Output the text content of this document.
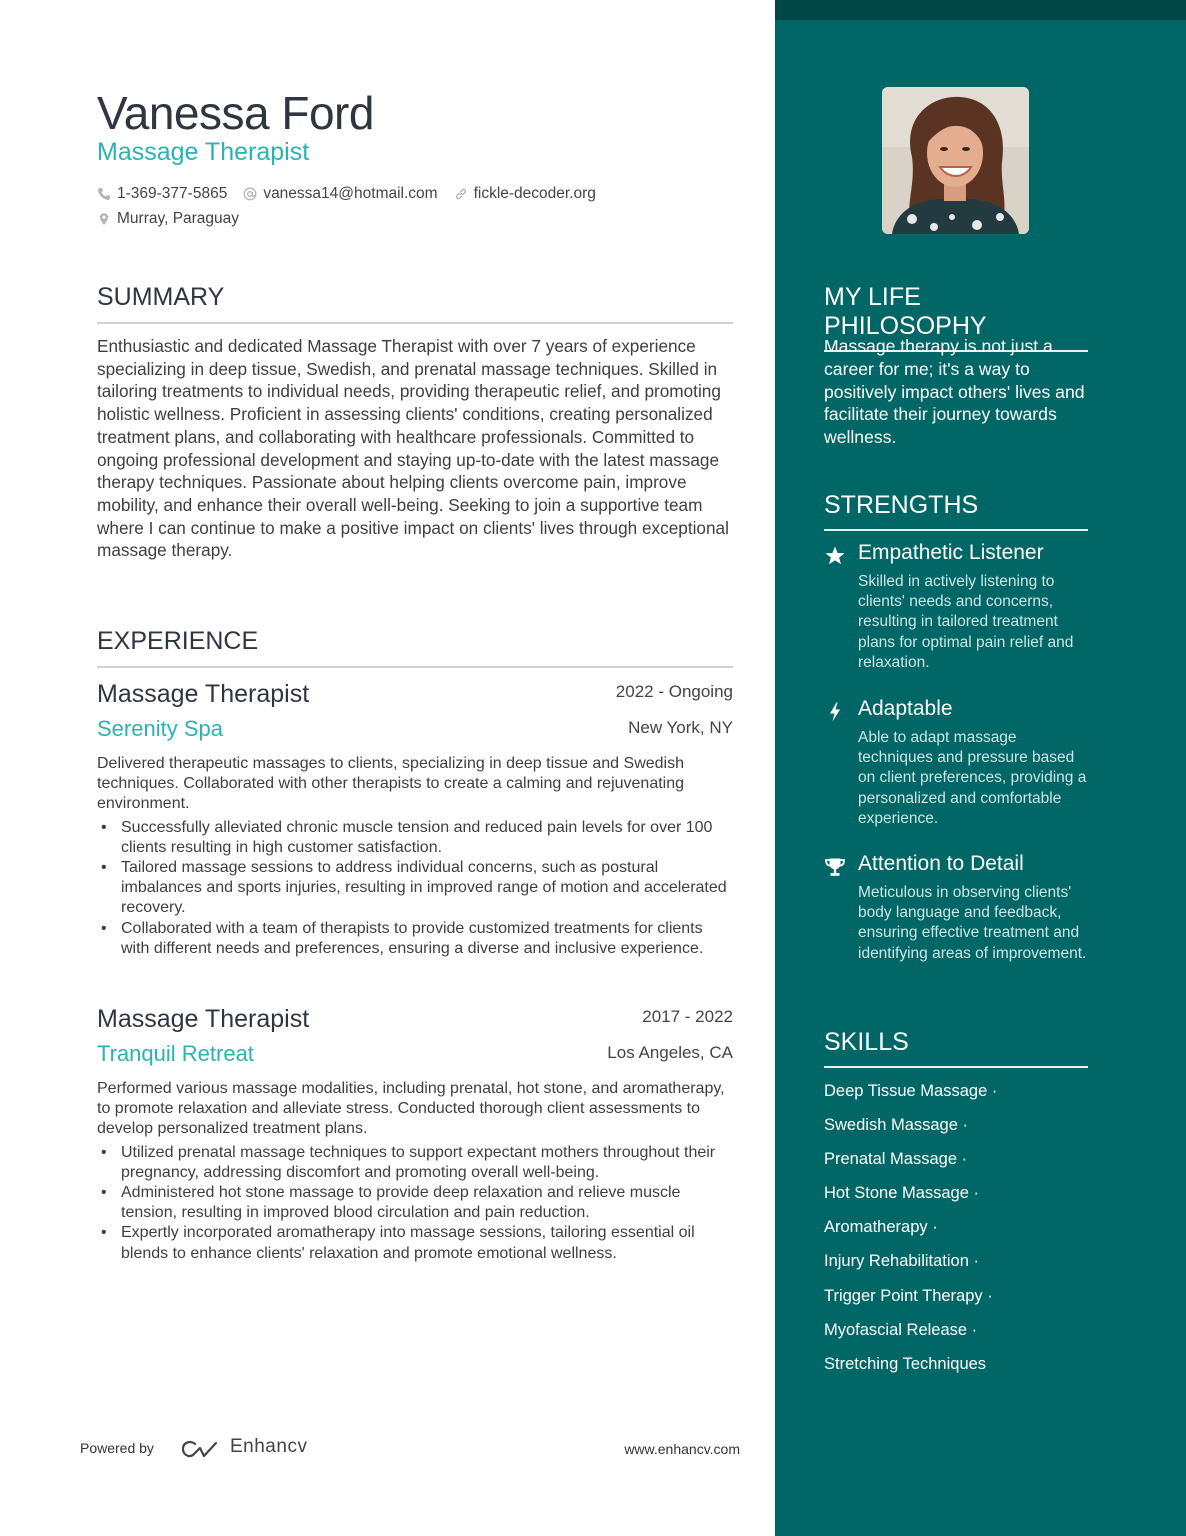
Vanessa Ford
Massage Therapist
1-369-377-5865 vanessa14@hotmail.com fickle-decoder.org
Murray, Paraguay
SUMMARY
Enthusiastic and dedicated Massage Therapist with over 7 years of experience specializing in deep tissue, Swedish, and prenatal massage techniques. Skilled in tailoring treatments to individual needs, providing therapeutic relief, and promoting holistic wellness. Proficient in assessing clients' conditions, creating personalized treatment plans, and collaborating with healthcare professionals. Committed to ongoing professional development and staying up-to-date with the latest massage therapy techniques. Passionate about helping clients overcome pain, improve mobility, and enhance their overall well-being. Seeking to join a supportive team where I can continue to make a positive impact on clients' lives through exceptional massage therapy.
EXPERIENCE
Massage Therapist	2022 - Ongoing
Serenity Spa	New York, NY
Delivered therapeutic massages to clients, specializing in deep tissue and Swedish techniques. Collaborated with other therapists to create a calming and rejuvenating environment.
• Successfully alleviated chronic muscle tension and reduced pain levels for over 100 clients resulting in high customer satisfaction.
• Tailored massage sessions to address individual concerns, such as postural imbalances and sports injuries, resulting in improved range of motion and accelerated recovery.
• Collaborated with a team of therapists to provide customized treatments for clients with different needs and preferences, ensuring a diverse and inclusive experience.
Massage Therapist	2017 - 2022
Tranquil Retreat	Los Angeles, CA
Performed various massage modalities, including prenatal, hot stone, and aromatherapy, to promote relaxation and alleviate stress. Conducted thorough client assessments to develop personalized treatment plans.
• Utilized prenatal massage techniques to support expectant mothers throughout their pregnancy, addressing discomfort and promoting overall well-being.
• Administered hot stone massage to provide deep relaxation and relieve muscle tension, resulting in improved blood circulation and pain reduction.
• Expertly incorporated aromatherapy into massage sessions, tailoring essential oil blends to enhance clients' relaxation and promote emotional wellness.
Powered by	Enhancv	www.enhancv.com
MY LIFE PHILOSOPHY
Massage therapy is not just a career for me; it's a way to positively impact others' lives and facilitate their journey towards wellness.
STRENGTHS
Empathetic Listener
Skilled in actively listening to clients' needs and concerns, resulting in tailored treatment plans for optimal pain relief and relaxation.
Adaptable
Able to adapt massage techniques and pressure based on client preferences, providing a personalized and comfortable experience.
Attention to Detail
Meticulous in observing clients' body language and feedback, ensuring effective treatment and identifying areas of improvement.
SKILLS
Deep Tissue Massage ·
Swedish Massage ·
Prenatal Massage ·
Hot Stone Massage ·
Aromatherapy ·
Injury Rehabilitation ·
Trigger Point Therapy ·
Myofascial Release ·
Stretching Techniques
